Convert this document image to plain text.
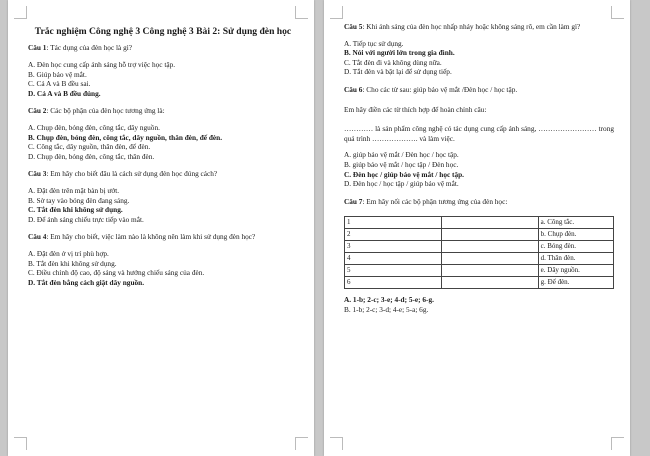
Trắc nghiệm Công nghệ 3 Công nghệ 3 Bài 2: Sử dụng đèn học

Câu 1: Tác dụng của đèn học là gì?

A. Đèn học cung cấp ánh sáng hỗ trợ việc học tập.

B. Giúp bảo vệ mắt.

C. Cả A và B đều sai.

D. Cả A và B đều đúng.

Câu 2: Các bộ phận của đèn học tương ứng là:

A. Chụp đèn, bóng đèn, công tắc, dây nguồn.

B. Chụp đèn, bóng đèn, công tắc, dây nguồn, thân đèn, đế đèn.

C. Công tắc, dây nguồn, thân đèn, đế đèn.

D. Chụp đèn, bóng đèn, công tắc, thân đèn.

Câu 3: Em hãy cho biết đâu là cách sử dụng đèn học đúng cách?

A. Đặt đèn trên mặt bàn bị ướt.

B. Sờ tay vào bóng đèn đang sáng.

C. Tắt đèn khi không sử dụng.

D. Để ánh sáng chiếu trực tiếp vào mắt.

Câu 4: Em hãy cho biết, việc làm nào là không nên làm khi sử dụng đèn học?

A. Đặt đèn ở vị trí phù hợp.

B. Tắt đèn khi không sử dụng.

C. Điều chỉnh độ cao, độ sáng và hướng chiếu sáng của đèn.

D. Tắt đèn bằng cách giật dây nguồn.

Câu 5: Khi ánh sáng của đèn học nhấp nháy hoặc không sáng rõ, em cần làm gì?

A. Tiếp tục sử dụng.

B. Nói với người lớn trong gia đình.

C. Tắt đèn đi và không dùng nữa.

D. Tắt đèn và bật lại để sử dụng tiếp.

Câu 6: Cho các từ sau: giúp bảo vệ mắt /Đèn học / học tập.

Em hãy điền các từ thích hợp để hoàn chỉnh câu:

………… là sản phẩm công nghệ có tác dụng cung cấp ánh sáng, …………………… trong quá trình ………………. và làm việc.

A. giúp bảo vệ mắt / Đèn học / học tập.

B. giúp bảo vệ mắt / học tập / Đèn học.

C. Đèn học / giúp bảo vệ mắt / học tập.

D. Đèn học / học tập / giúp bảo vệ mắt.

Câu 7: Em hãy nối các bộ phận tương ứng của đèn học:

1		a. Công tắc.
2		b. Chụp đèn.
3		c. Bóng đèn.
4		d. Thân đèn.
5		e. Dây nguồn.
6		g. Đế đèn.

A. 1-b; 2-c; 3-e; 4-d; 5-e; 6-g.

B. 1-b; 2-c; 3-d; 4-e; 5-a; 6g.
